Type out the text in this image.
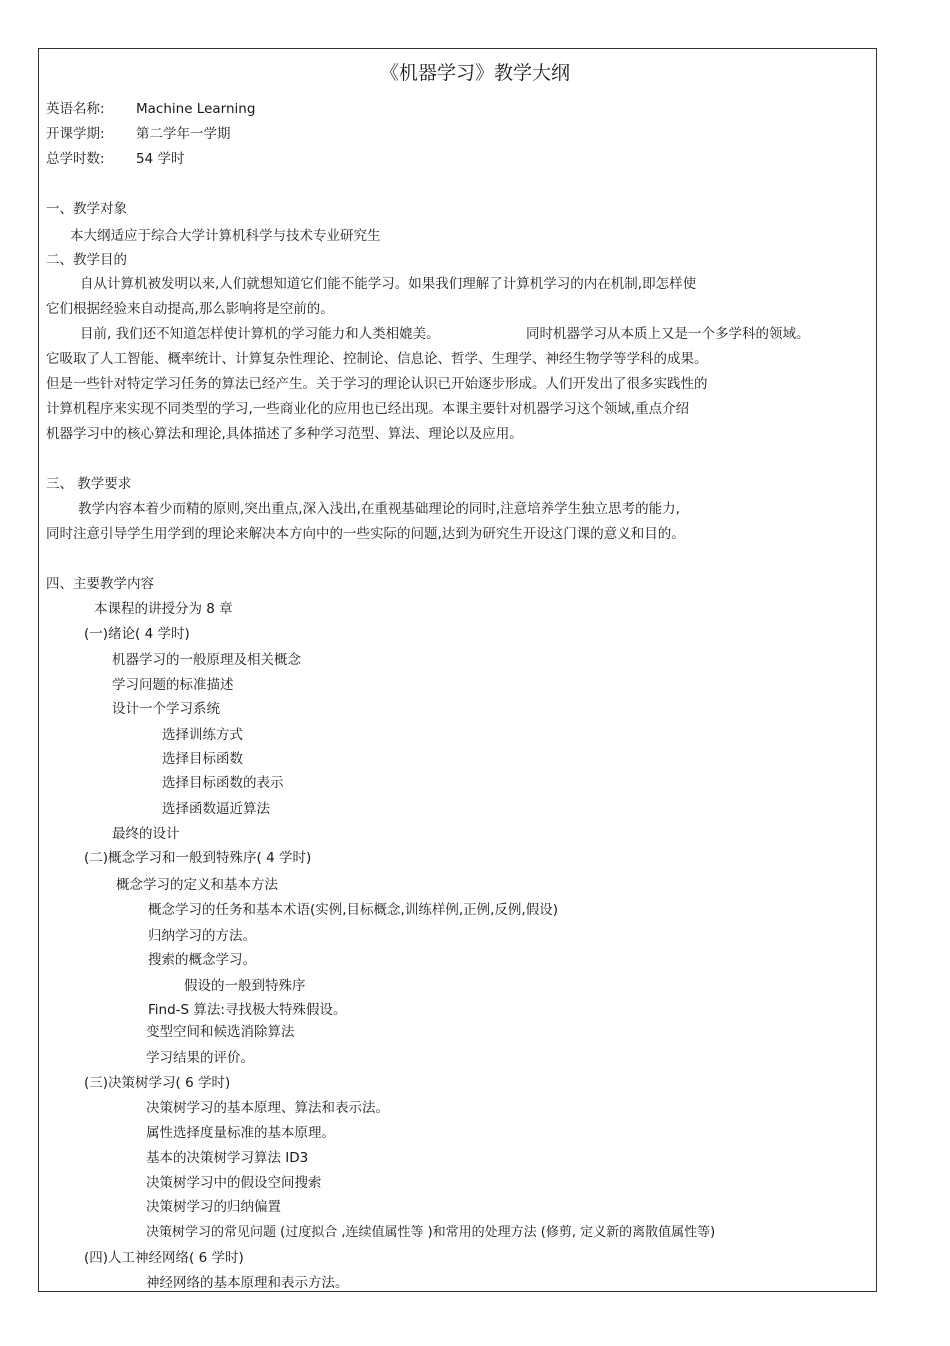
《机器学习》教学大纲
英语名称: Machine Learning
开课学期: 第二学年一学期
总学时数: 54 学时
一、教学对象
本大纲适应于综合大学计算机科学与技术专业研究生
二、教学目的
自从计算机被发明以来,人们就想知道它们能不能学习。如果我们理解了计算机学习的内在机制,即怎样使
它们根据经验来自动提高,那么影响将是空前的。
目前, 我们还不知道怎样使计算机的学习能力和人类相媲美。	同时机器学习从本质上又是一个多学科的领域。
它吸取了人工智能、概率统计、计算复杂性理论、控制论、信息论、哲学、生理学、神经生物学等学科的成果。
但是一些针对特定学习任务的算法已经产生。关于学习的理论认识已开始逐步形成。人们开发出了很多实践性的
计算机程序来实现不同类型的学习,一些商业化的应用也已经出现。本课主要针对机器学习这个领域,重点介绍
机器学习中的核心算法和理论,具体描述了多种学习范型、算法、理论以及应用。
三、 教学要求
教学内容本着少而精的原则,突出重点,深入浅出,在重视基础理论的同时,注意培养学生独立思考的能力,
同时注意引导学生用学到的理论来解决本方向中的一些实际的问题,达到为研究生开设这门课的意义和目的。
四、主要教学内容
本课程的讲授分为 8 章
(一)绪论( 4 学时)
机器学习的一般原理及相关概念
学习问题的标准描述
设计一个学习系统
选择训练方式
选择目标函数
选择目标函数的表示
选择函数逼近算法
最终的设计
(二)概念学习和一般到特殊序( 4 学时)
概念学习的定义和基本方法
概念学习的任务和基本术语(实例,目标概念,训练样例,正例,反例,假设)
归纳学习的方法。
搜索的概念学习。
假设的一般到特殊序
Find-S 算法:寻找极大特殊假设。
变型空间和候选消除算法
学习结果的评价。
(三)决策树学习( 6 学时)
决策树学习的基本原理、算法和表示法。
属性选择度量标准的基本原理。
基本的决策树学习算法 ID3
决策树学习中的假设空间搜索
决策树学习的归纳偏置
决策树学习的常见问题 (过度拟合 ,连续值属性等 )和常用的处理方法 (修剪, 定义新的离散值属性等)
(四)人工神经网络( 6 学时)
神经网络的基本原理和表示方法。
